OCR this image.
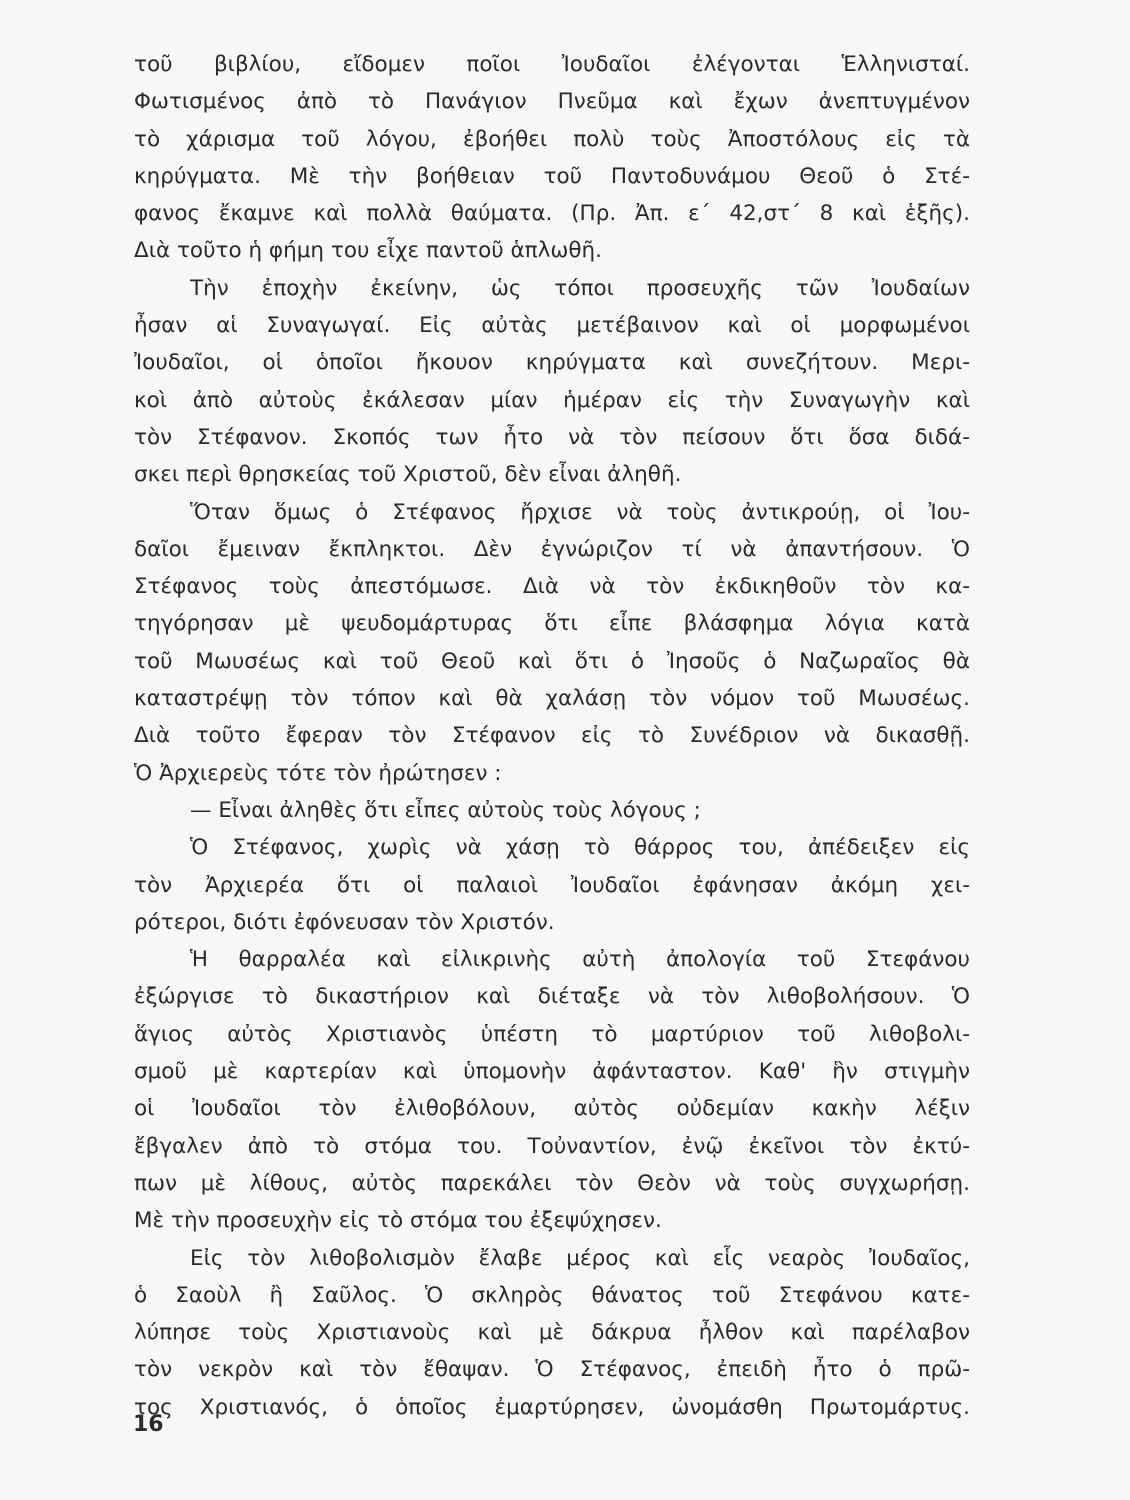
τοῦ βιβλίου, εἴδομεν ποῖοι Ἰουδαῖοι ἐλέγονται Ἑλληνισταί.
Φωτισμένος ἀπὸ τὸ Πανάγιον Πνεῦμα καὶ ἔχων ἀνεπτυγμένον
τὸ χάρισμα τοῦ λόγου, ἐβοήθει πολὺ τοὺς Ἀποστόλους εἰς τὰ
κηρύγματα. Μὲ τὴν βοήθειαν τοῦ Παντοδυνάμου Θεοῦ ὁ Στέ-
φανος ἔκαμνε καὶ πολλὰ θαύματα. (Πρ. Ἀπ. ε΄ 42,στ΄ 8 καὶ ἑξῆς).
Διὰ τοῦτο ἡ φήμη του εἶχε παντοῦ ἁπλωθῆ.
Τὴν ἐποχὴν ἐκείνην, ὡς τόποι προσευχῆς τῶν Ἰουδαίων
ἦσαν αἱ Συναγωγαί. Εἰς αὐτὰς μετέβαινον καὶ οἱ μορφωμένοι
Ἰουδαῖοι, οἱ ὁποῖοι ἤκουον κηρύγματα καὶ συνεζήτουν. Μερι-
κοὶ ἀπὸ αὐτοὺς ἐκάλεσαν μίαν ἡμέραν εἰς τὴν Συναγωγὴν καὶ
τὸν Στέφανον. Σκοπός των ἦτο νὰ τὸν πείσουν ὅτι ὅσα διδά-
σκει περὶ θρησκείας τοῦ Χριστοῦ, δὲν εἶναι ἀληθῆ.
Ὅταν ὅμως ὁ Στέφανος ἤρχισε νὰ τοὺς ἀντικρούῃ, οἱ Ἰου-
δαῖοι ἔμειναν ἔκπληκτοι. Δὲν ἐγνώριζον τί νὰ ἀπαντήσουν. Ὁ
Στέφανος τοὺς ἀπεστόμωσε. Διὰ νὰ τὸν ἐκδικηθοῦν τὸν κα-
τηγόρησαν μὲ ψευδομάρτυρας ὅτι εἶπε βλάσφημα λόγια κατὰ
τοῦ Μωυσέως καὶ τοῦ Θεοῦ καὶ ὅτι ὁ Ἰησοῦς ὁ Ναζωραῖος θὰ
καταστρέψῃ τὸν τόπον καὶ θὰ χαλάσῃ τὸν νόμον τοῦ Μωυσέως.
Διὰ τοῦτο ἔφεραν τὸν Στέφανον εἰς τὸ Συνέδριον νὰ δικασθῇ.
Ὁ Ἀρχιερεὺς τότε τὸν ἠρώτησεν :
— Εἶναι ἀληθὲς ὅτι εἶπες αὐτοὺς τοὺς λόγους ;
Ὁ Στέφανος, χωρὶς νὰ χάσῃ τὸ θάρρος του, ἀπέδειξεν εἰς
τὸν Ἀρχιερέα ὅτι οἱ παλαιοὶ Ἰουδαῖοι ἐφάνησαν ἀκόμη χει-
ρότεροι, διότι ἐφόνευσαν τὸν Χριστόν.
Ἡ θαρραλέα καὶ εἰλικρινὴς αὐτὴ ἀπολογία τοῦ Στεφάνου
ἐξώργισε τὸ δικαστήριον καὶ διέταξε νὰ τὸν λιθοβολήσουν. Ὁ
ἅγιος αὐτὸς Χριστιανὸς ὑπέστη τὸ μαρτύριον τοῦ λιθοβολι-
σμοῦ μὲ καρτερίαν καὶ ὑπομονὴν ἀφάνταστον. Καθ' ἣν στιγμὴν
οἱ Ἰουδαῖοι τὸν ἐλιθοβόλουν, αὐτὸς οὐδεμίαν κακὴν λέξιν
ἔβγαλεν ἀπὸ τὸ στόμα του. Τοὐναντίον, ἐνῷ ἐκεῖνοι τὸν ἐκτύ-
πων μὲ λίθους, αὐτὸς παρεκάλει τὸν Θεὸν νὰ τοὺς συγχωρήσῃ.
Μὲ τὴν προσευχὴν εἰς τὸ στόμα του ἐξεψύχησεν.
Εἰς τὸν λιθοβολισμὸν ἔλαβε μέρος καὶ εἷς νεαρὸς Ἰουδαῖος,
ὁ Σαοὺλ ἢ Σαῦλος. Ὁ σκληρὸς θάνατος τοῦ Στεφάνου κατε-
λύπησε τοὺς Χριστιανοὺς καὶ μὲ δάκρυα ἦλθον καὶ παρέλαβον
τὸν νεκρὸν καὶ τὸν ἔθαψαν. Ὁ Στέφανος, ἐπειδὴ ἦτο ὁ πρῶ-
τος Χριστιανός, ὁ ὁποῖος ἐμαρτύρησεν, ὠνομάσθη Πρωτομάρτυς.
16
